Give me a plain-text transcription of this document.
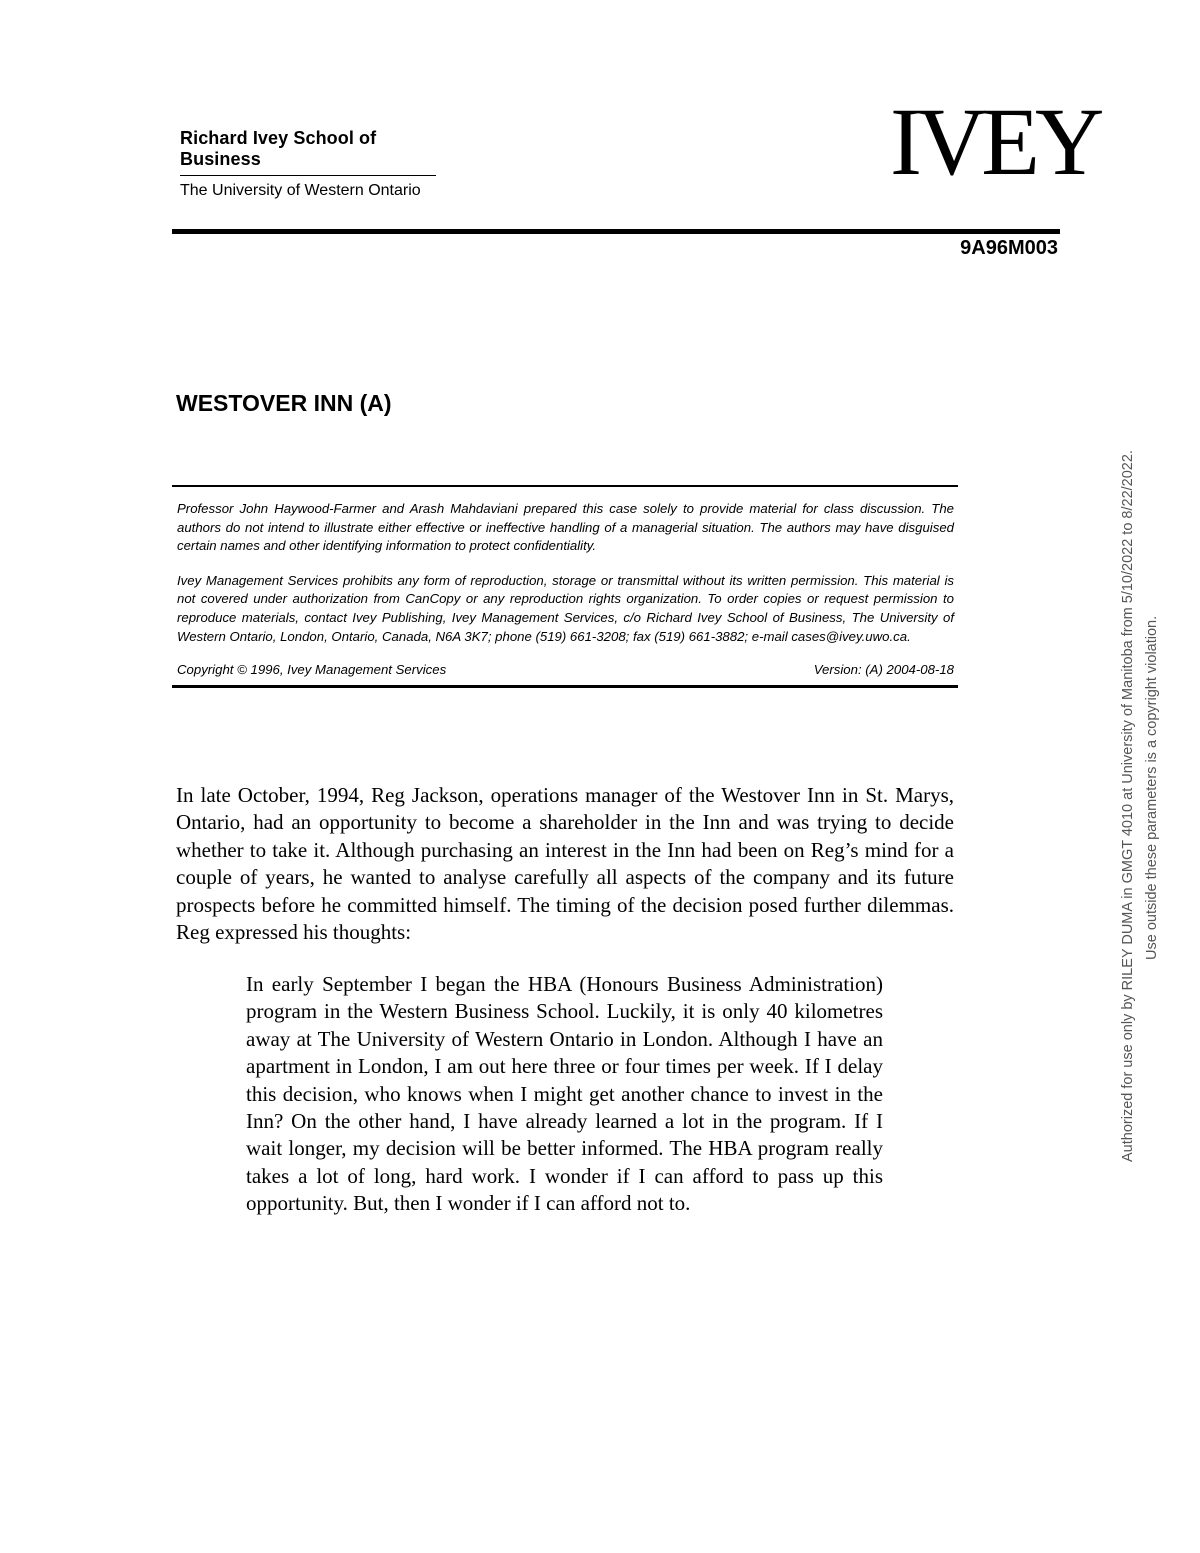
Richard Ivey School of Business
The University of Western Ontario	IVEY
9A96M003
WESTOVER INN (A)

Professor John Haywood-Farmer and Arash Mahdaviani prepared this case solely to provide material for class discussion. The authors do not intend to illustrate either effective or ineffective handling of a managerial situation. The authors may have disguised certain names and other identifying information to protect confidentiality.

Ivey Management Services prohibits any form of reproduction, storage or transmittal without its written permission. This material is not covered under authorization from CanCopy or any reproduction rights organization. To order copies or request permission to reproduce materials, contact Ivey Publishing, Ivey Management Services, c/o Richard Ivey School of Business, The University of Western Ontario, London, Ontario, Canada, N6A 3K7; phone (519) 661-3208; fax (519) 661-3882; e-mail cases@ivey.uwo.ca.

Copyright © 1996, Ivey Management Services	Version: (A) 2004-08-18

In late October, 1994, Reg Jackson, operations manager of the Westover Inn in St. Marys, Ontario, had an opportunity to become a shareholder in the Inn and was trying to decide whether to take it. Although purchasing an interest in the Inn had been on Reg’s mind for a couple of years, he wanted to analyse carefully all aspects of the company and its future prospects before he committed himself. The timing of the decision posed further dilemmas. Reg expressed his thoughts:

In early September I began the HBA (Honours Business Administration) program in the Western Business School. Luckily, it is only 40 kilometres away at The University of Western Ontario in London. Although I have an apartment in London, I am out here three or four times per week. If I delay this decision, who knows when I might get another chance to invest in the Inn? On the other hand, I have already learned a lot in the program. If I wait longer, my decision will be better informed. The HBA program really takes a lot of long, hard work. I wonder if I can afford to pass up this opportunity. But, then I wonder if I can afford not to.

Authorized for use only by RILEY DUMA in GMGT 4010 at University of Manitoba from 5/10/2022 to 8/22/2022. Use outside these parameters is a copyright violation.
